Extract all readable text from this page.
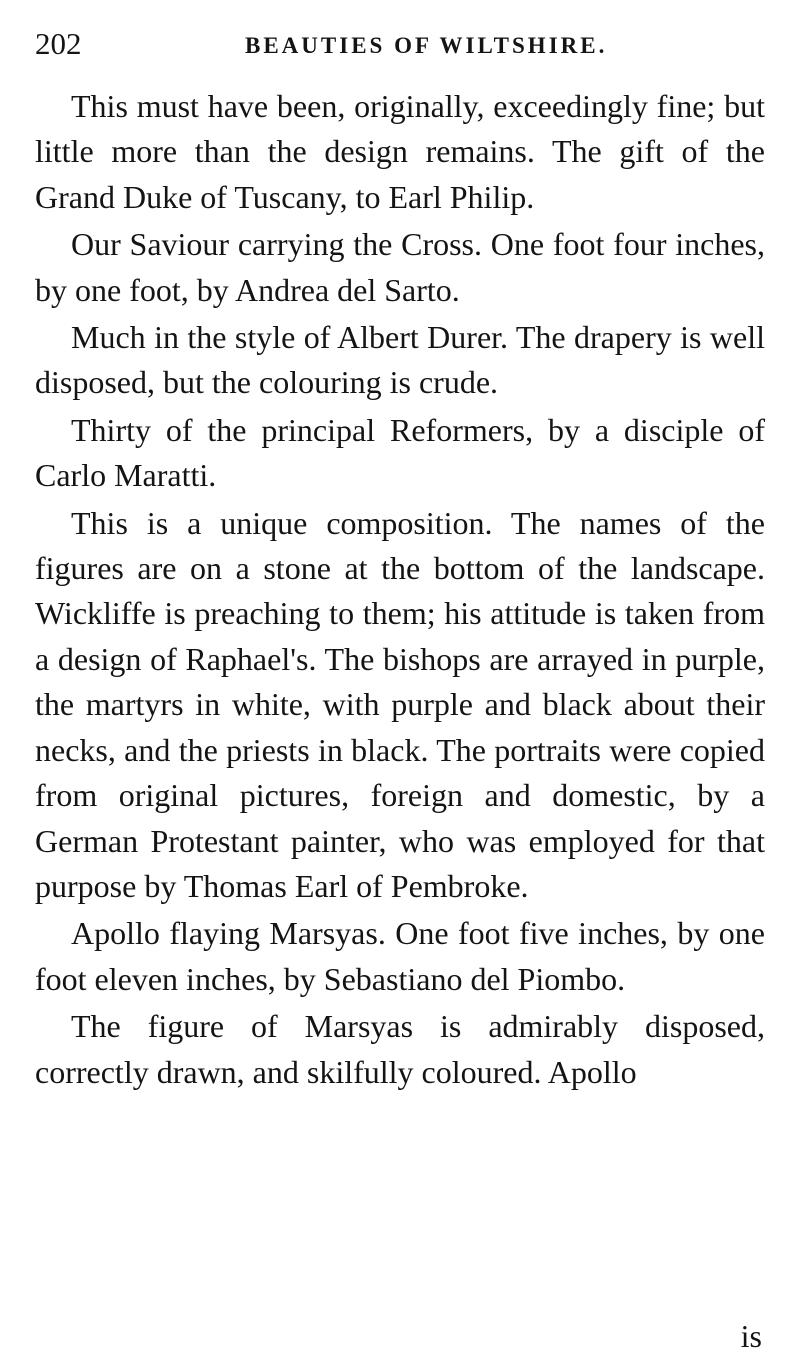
202	BEAUTIES OF WILTSHIRE.

This must have been, originally, exceedingly fine; but little more than the design remains. The gift of the Grand Duke of Tuscany, to Earl Philip.

Our Saviour carrying the Cross. One foot four inches, by one foot, by Andrea del Sarto.

Much in the style of Albert Durer. The drapery is well disposed, but the colouring is crude.

Thirty of the principal Reformers, by a disciple of Carlo Maratti.

This is a unique composition. The names of the figures are on a stone at the bottom of the landscape. Wickliffe is preaching to them; his attitude is taken from a design of Raphael's. The bishops are arrayed in purple, the martyrs in white, with purple and black about their necks, and the priests in black. The portraits were copied from original pictures, foreign and domestic, by a German Protestant painter, who was employed for that purpose by Thomas Earl of Pembroke.

Apollo flaying Marsyas. One foot five inches, by one foot eleven inches, by Sebastiano del Piombo.

The figure of Marsyas is admirably disposed, correctly drawn, and skilfully coloured. Apollo

is
